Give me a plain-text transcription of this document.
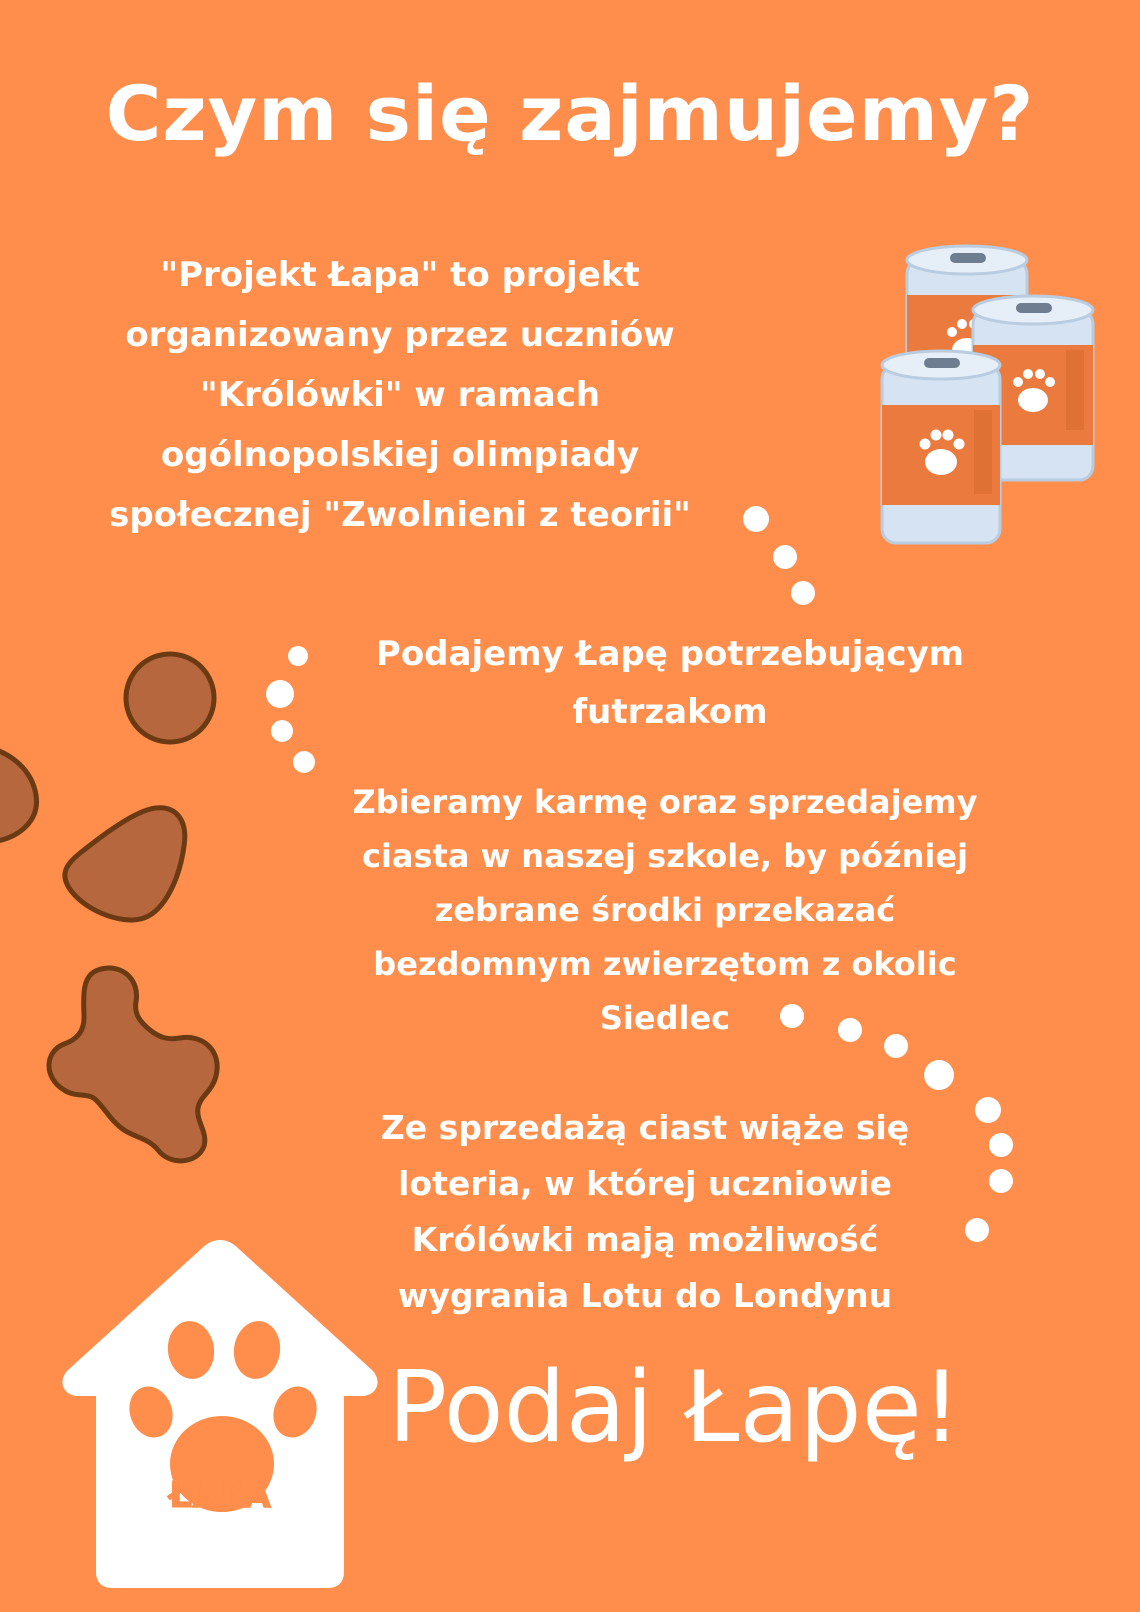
Czym się zajmujemy?
"Projekt Łapa" to projekt
organizowany przez uczniów
"Królówki" w ramach
ogólnopolskiej olimpiady
społecznej "Zwolnieni z teorii"
Podajemy Łapę potrzebującym
futrzakom
Zbieramy karmę oraz sprzedajemy
ciasta w naszej szkole, by później
zebrane środki przekazać
bezdomnym zwierzętom z okolic
Siedlec
Ze sprzedażą ciast wiąże się
loteria, w której uczniowie
Królówki mają możliwość
wygrania Lotu do Londynu
Podaj Łapę!
ŁAPA
